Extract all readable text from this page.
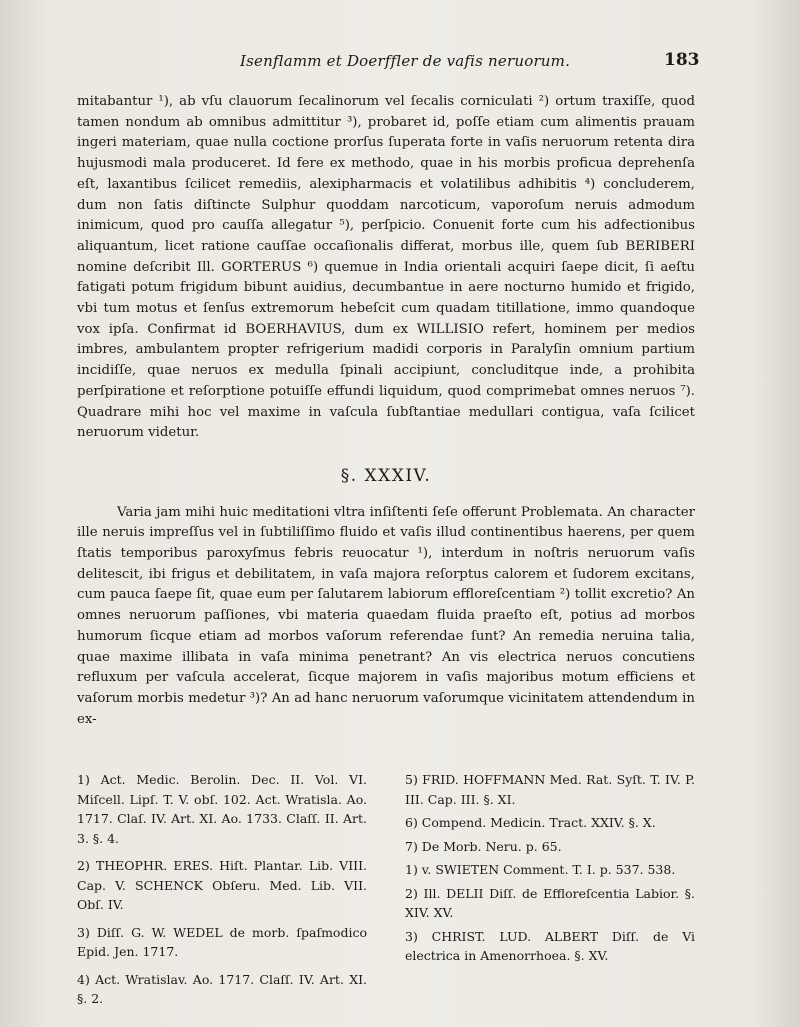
Isenflamm et Doerffler de vafis neruorum.	183

mitabantur ¹), ab vſu clauorum ſecalinorum vel ſecalis corniculati ²) ortum traxiſſe, quod tamen nondum ab omnibus admittitur ³), probaret id, poſſe etiam cum alimentis prauam ingeri materiam, quae nulla coctione prorſus ſuperata forte in vaſis neruorum retenta dira hujusmodi mala produceret. Id fere ex methodo, quae in his morbis proficua deprehenſa eſt, laxantibus ſcilicet remediis, alexipharmacis et volatilibus adhibitis ⁴) concluderem, dum non ſatis diſtincte Sulphur quoddam narcoticum, vaporoſum neruis admodum inimicum, quod pro cauſſa allegatur ⁵), perſpicio. Conuenit forte cum his adfectionibus aliquantum, licet ratione cauſſae occaſionalis differat, morbus ille, quem ſub BERIBERI nomine deſcribit Ill. GORTERUS ⁶) quemue in India orientali acquiri ſaepe dicit, ſi aeſtu fatigati potum frigidum bibunt auidius, decumbantue in aere nocturno humido et frigido, vbi tum motus et ſenſus extremorum hebeſcit cum quadam titillatione, immo quandoque vox ipſa. Confirmat id BOERHAVIUS, dum ex WILLISIO refert, hominem per medios imbres, ambulantem propter refrigerium madidi corporis in Paralyſin omnium partium incidiſſe, quae neruos ex medulla ſpinali accipiunt, concluditque inde, a prohibita perſpiratione et reſorptione potuiſſe effundi liquidum, quod comprimebat omnes neruos ⁷). Quadrare mihi hoc vel maxime in vaſcula ſubſtantiae medullari contigua, vaſa ſcilicet neruorum videtur.

§. XXXIV.

Varia jam mihi huic meditationi vltra inſiſtenti ſeſe offerunt Problemata. An character ille neruis impreſſus vel in ſubtiliſſimo fluido et vaſis illud continentibus haerens, per quem ſtatis temporibus paroxyſmus febris reuocatur ¹), interdum in noſtris neruorum vaſis delitescit, ibi frigus et debilitatem, in vaſa majora reſorptus calorem et ſudorem excitans, cum pauca ſaepe ſit, quae eum per ſalutarem labiorum effloreſcentiam ²) tollit excretio? An omnes neruorum paſſiones, vbi materia quaedam fluida praeſto eſt, potius ad morbos humorum ſicque etiam ad morbos vaſorum referendae ſunt? An remedia neruina talia, quae maxime illibata in vaſa minima penetrant? An vis electrica neruos concutiens refluxum per vaſcula accelerat, ſicque majorem in vaſis majoribus motum efficiens et vaſorum morbis medetur ³)? An ad hanc neruorum vaſorumque vicinitatem attendendum in ex-

1) Act. Medic. Berolin. Dec. II. Vol. VI. Miſcell. Lipſ. T. V. obſ. 102. Act. Wratisla. Ao. 1717. Claſ. IV. Art. XI. Ao. 1733. Claſſ. II. Art. 3. §. 4.

2) THEOPHR. ERES. Hiſt. Plantar. Lib. VIII. Cap. V. SCHENCK Obſeru. Med. Lib. VII. Obſ. IV.

3) Diſſ. G. W. WEDEL de morb. ſpaſmodico Epid. Jen. 1717.

4) Act. Wratislav. Ao. 1717. Claſſ. IV. Art. XI. §. 2.

5) FRID. HOFFMANN Med. Rat. Syſt. T. IV. P. III. Cap. III. §. XI.

6) Compend. Medicin. Tract. XXIV. §. X.

7) De Morb. Neru. p. 65.

1) v. SWIETEN Comment. T. I. p. 537. 538.

2) Ill. DELII Diſſ. de Effloreſcentia Labior. §. XIV. XV.

3) CHRIST. LUD. ALBERT Diſſ. de Vi electrica in Amenorrhoea. §. XV.
